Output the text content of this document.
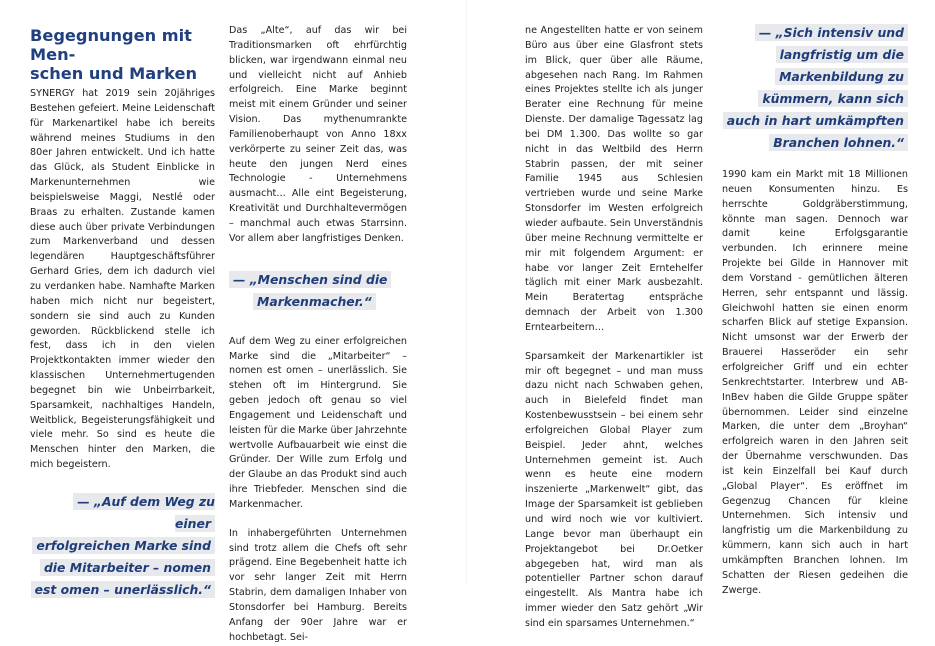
Begegnungen mit Men-
schen und Marken
SYNERGY hat 2019 sein 20jähriges Bestehen gefeiert. Meine Leidenschaft für Markenartikel habe ich bereits während meines Studiums in den 80er Jahren entwickelt. Und ich hatte das Glück, als Student Einblicke in Markenunternehmen wie beispielsweise Maggi, Nestlé oder Braas zu erhalten. Zustande kamen diese auch über private Verbindungen zum Markenverband und dessen legendären Hauptgeschäftsführer Gerhard Gries, dem ich dadurch viel zu verdanken habe. Namhafte Marken haben mich nicht nur begeistert, sondern sie sind auch zu Kunden geworden. Rückblickend stelle ich fest, dass ich in den vielen Projektkontakten immer wieder den klassischen Unternehmertugenden begegnet bin wie Unbeirrbarkeit, Sparsamkeit, nachhaltiges Handeln, Weitblick, Begeisterungsfähigkeit und viele mehr. So sind es heute die Menschen hinter den Marken, die mich begeistern.
— „Auf dem Weg zu einer
erfolgreichen Marke sind
die Mitarbeiter – nomen
est omen – unerlässlich.“
Das „Alte“, auf das wir bei Traditionsmarken oft ehrfürchtig blicken, war irgendwann einmal neu und vielleicht nicht auf Anhieb erfolgreich. Eine Marke beginnt meist mit einem Gründer und seiner Vision. Das mythenumrankte Familienoberhaupt von Anno 18xx verkörperte zu seiner Zeit das, was heute den jungen Nerd eines Technologie - Unternehmens ausmacht… Alle eint Begeisterung, Kreativität und Durchhaltevermögen – manchmal auch etwas Starrsinn. Vor allem aber langfristiges Denken.
— „Menschen sind die
Markenmacher.“
Auf dem Weg zu einer erfolgreichen Marke sind die „Mitarbeiter“ – nomen est omen – unerlässlich. Sie stehen oft im Hintergrund. Sie geben jedoch oft genau so viel Engagement und Leidenschaft und leisten für die Marke über Jahrzehnte wertvolle Aufbauarbeit wie einst die Gründer. Der Wille zum Erfolg und der Glaube an das Produkt sind auch ihre Triebfeder. Menschen sind die Markenmacher.
In inhabergeführten Unternehmen sind trotz allem die Chefs oft sehr prägend. Eine Begebenheit hatte ich vor sehr langer Zeit mit Herrn Stabrin, dem damaligen Inhaber von Stonsdorfer bei Hamburg. Bereits Anfang der 90er Jahre war er hochbetagt. Sei-
ne Angestellten hatte er von seinem Büro aus über eine Glasfront stets im Blick, quer über alle Räume, abgesehen nach Rang. Im Rahmen eines Projektes stellte ich als junger Berater eine Rechnung für meine Dienste. Der damalige Tagessatz lag bei DM 1.300. Das wollte so gar nicht in das Weltbild des Herrn Stabrin passen, der mit seiner Familie 1945 aus Schlesien vertrieben wurde und seine Marke Stonsdorfer im Westen erfolgreich wieder aufbaute. Sein Unverständnis über meine Rechnung vermittelte er mir mit folgendem Argument: er habe vor langer Zeit Erntehelfer täglich mit einer Mark ausbezahlt. Mein Beratertag entspräche demnach der Arbeit von 1.300 Erntearbeitern…
Sparsamkeit der Markenartikler ist mir oft begegnet – und man muss dazu nicht nach Schwaben gehen, auch in Bielefeld findet man Kostenbewusstsein – bei einem sehr erfolgreichen Global Player zum Beispiel. Jeder ahnt, welches Unternehmen gemeint ist. Auch wenn es heute eine modern inszenierte „Markenwelt“ gibt, das Image der Sparsamkeit ist geblieben und wird noch wie vor kultiviert. Lange bevor man überhaupt ein Projektangebot bei Dr.Oetker abgegeben hat, wird man als potentieller Partner schon darauf eingestellt. Als Mantra habe ich immer wieder den Satz gehört „Wir sind ein sparsames Unternehmen.“
— „Sich intensiv und
langfristig um die
Markenbildung zu
kümmern, kann sich
auch in hart umkämpften
Branchen lohnen.“
1990 kam ein Markt mit 18 Millionen neuen Konsumenten hinzu. Es herrschte Goldgräberstimmung, könnte man sagen. Dennoch war damit keine Erfolgsgarantie verbunden. Ich erinnere meine Projekte bei Gilde in Hannover mit dem Vorstand - gemütlichen älteren Herren, sehr entspannt und lässig. Gleichwohl hatten sie einen enorm scharfen Blick auf stetige Expansion. Nicht umsonst war der Erwerb der Brauerei Hasseröder ein sehr erfolgreicher Griff und ein echter Senkrechtstarter. Interbrew und AB-InBev haben die Gilde Gruppe später übernommen. Leider sind einzelne Marken, die unter dem „Broyhan“ erfolgreich waren in den Jahren seit der Übernahme verschwunden. Das ist kein Einzelfall bei Kauf durch „Global Player“. Es eröffnet im Gegenzug Chancen für kleine Unternehmen. Sich intensiv und langfristig um die Markenbildung zu kümmern, kann sich auch in hart umkämpften Branchen lohnen. Im Schatten der Riesen gedeihen die Zwerge.
